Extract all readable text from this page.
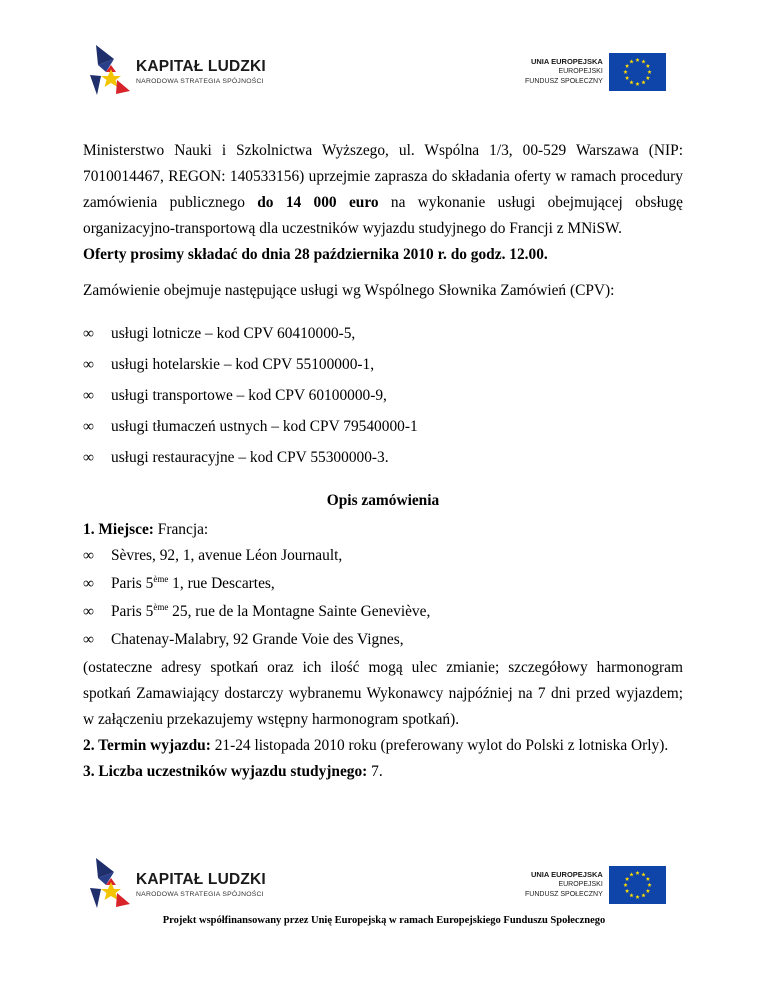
KAPITAŁ LUDZKI
NARODOWA STRATEGIA SPÓJNOŚCI
UNIA EUROPEJSKA
EUROPEJSKI
FUNDUSZ SPOŁECZNY

Ministerstwo Nauki i Szkolnictwa Wyższego, ul. Wspólna 1/3, 00-529 Warszawa (NIP: 7010014467, REGON: 140533156) uprzejmie zaprasza do składania oferty w ramach procedury zamówienia publicznego do 14 000 euro na wykonanie usługi obejmującej obsługę organizacyjno-transportową dla uczestników wyjazdu studyjnego do Francji z MNiSW.

Oferty prosimy składać do dnia 28 października 2010 r. do godz. 12.00.

Zamówienie obejmuje następujące usługi wg Wspólnego Słownika Zamówień (CPV):

∞ usługi lotnicze – kod CPV 60410000-5,
∞ usługi hotelarskie – kod CPV 55100000-1,
∞ usługi transportowe – kod CPV 60100000-9,
∞ usługi tłumaczeń ustnych – kod CPV 79540000-1
∞ usługi restauracyjne – kod CPV 55300000-3.
Opis zamówienia

1. Miejsce: Francja:

∞ Sèvres, 92, 1, avenue Léon Journault,
∞ Paris 5ème 1, rue Descartes,
∞ Paris 5ème 25, rue de la Montagne Sainte Geneviève,
∞ Chatenay-Malabry, 92 Grande Voie des Vignes,

(ostateczne adresy spotkań oraz ich ilość mogą ulec zmianie; szczegółowy harmonogram spotkań Zamawiający dostarczy wybranemu Wykonawcy najpóźniej na 7 dni przed wyjazdem; w załączeniu przekazujemy wstępny harmonogram spotkań).

2. Termin wyjazdu: 21-24 listopada 2010 roku (preferowany wylot do Polski z lotniska Orly).

3. Liczba uczestników wyjazdu studyjnego: 7.

KAPITAŁ LUDZKI
NARODOWA STRATEGIA SPÓJNOŚCI
UNIA EUROPEJSKA
EUROPEJSKI
FUNDUSZ SPOŁECZNY
Projekt współfinansowany przez Unię Europejską w ramach Europejskiego Funduszu Społecznego
